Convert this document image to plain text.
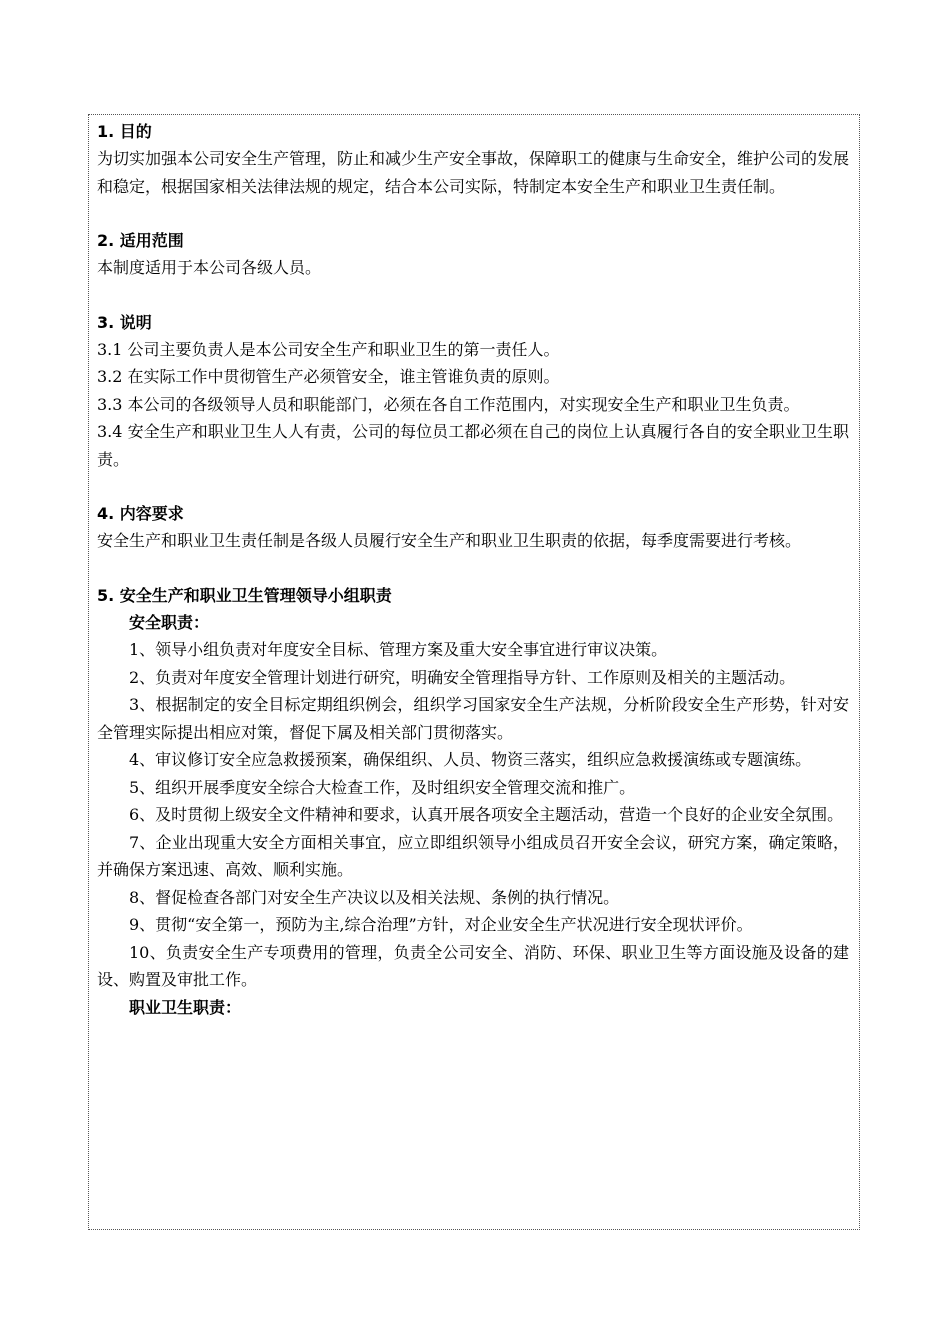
1. 目的

为切实加强本公司安全生产管理，防止和减少生产安全事故，保障职工的健康与生命安全，维护公司的发展和稳定，根据国家相关法律法规的规定，结合本公司实际，特制定本安全生产和职业卫生责任制。

2. 适用范围

本制度适用于本公司各级人员。

3. 说明

3.1 公司主要负责人是本公司安全生产和职业卫生的第一责任人。

3.2 在实际工作中贯彻管生产必须管安全，谁主管谁负责的原则。

3.3 本公司的各级领导人员和职能部门，必须在各自工作范围内，对实现安全生产和职业卫生负责。

3.4 安全生产和职业卫生人人有责，公司的每位员工都必须在自己的岗位上认真履行各自的安全职业卫生职责。

4. 内容要求

安全生产和职业卫生责任制是各级人员履行安全生产和职业卫生职责的依据，每季度需要进行考核。

5. 安全生产和职业卫生管理领导小组职责

安全职责：

1、领导小组负责对年度安全目标、管理方案及重大安全事宜进行审议决策。

2、负责对年度安全管理计划进行研究，明确安全管理指导方针、工作原则及相关的主题活动。

3、根据制定的安全目标定期组织例会，组织学习国家安全生产法规，分析阶段安全生产形势，针对安全管理实际提出相应对策，督促下属及相关部门贯彻落实。

4、审议修订安全应急救援预案，确保组织、人员、物资三落实，组织应急救援演练或专题演练。

5、组织开展季度安全综合大检查工作，及时组织安全管理交流和推广。

6、及时贯彻上级安全文件精神和要求，认真开展各项安全主题活动，营造一个良好的企业安全氛围。

7、企业出现重大安全方面相关事宜，应立即组织领导小组成员召开安全会议，研究方案，确定策略，并确保方案迅速、高效、顺利实施。

8、督促检查各部门对安全生产决议以及相关法规、条例的执行情况。

9、贯彻“安全第一，预防为主,综合治理”方针，对企业安全生产状况进行安全现状评价。

10、负责安全生产专项费用的管理，负责全公司安全、消防、环保、职业卫生等方面设施及设备的建设、购置及审批工作。

职业卫生职责：
